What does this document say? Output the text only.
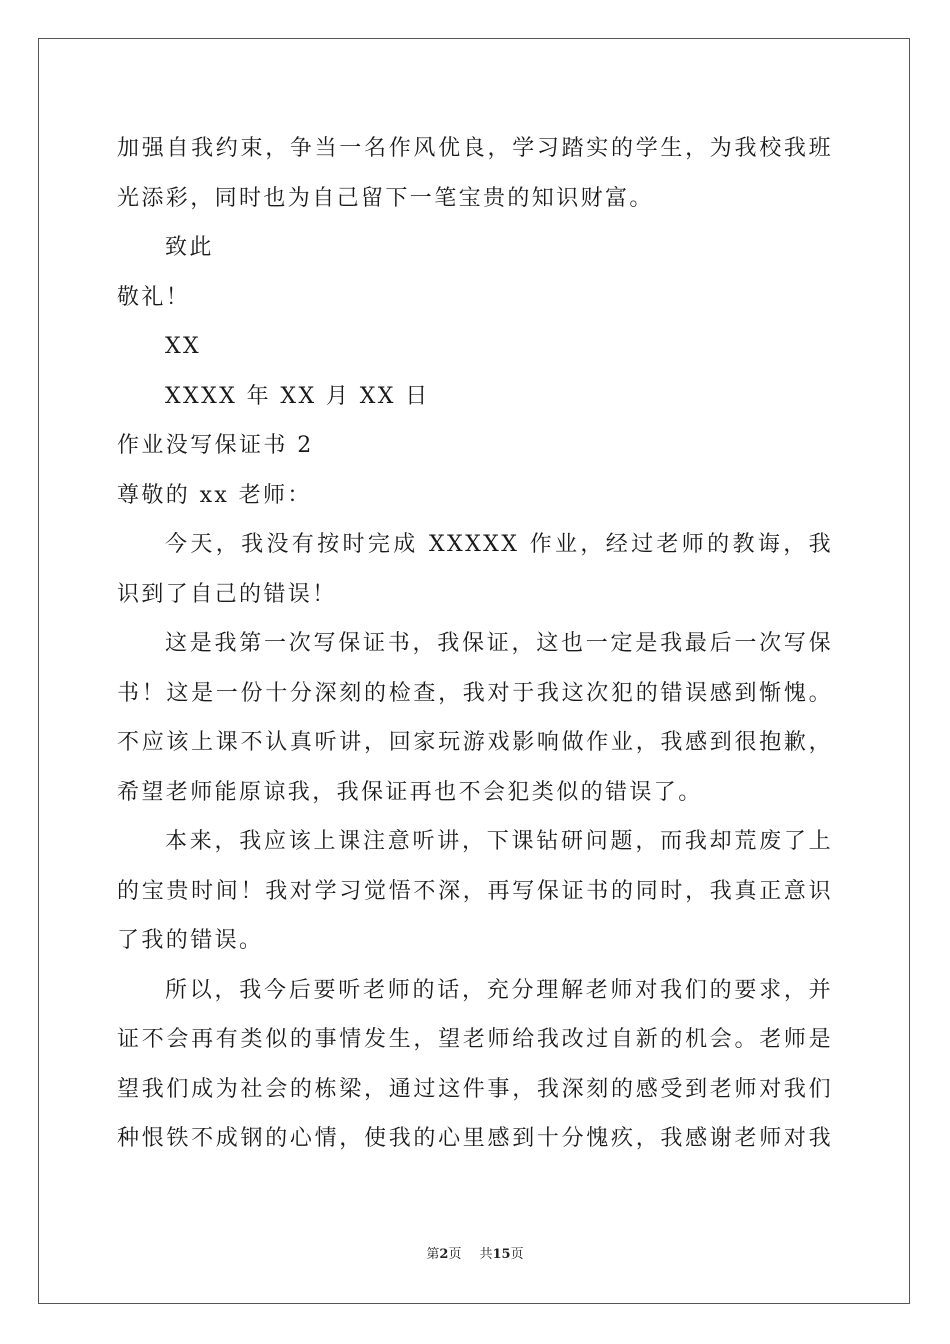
加强自我约束，争当一名作风优良，学习踏实的学生，为我校我班
光添彩，同时也为自己留下一笔宝贵的知识财富。
致此
敬礼！
XX
XXXX 年 XX 月 XX 日
作业没写保证书 2
尊敬的 xx 老师：
今天，我没有按时完成 XXXXX 作业，经过老师的教诲，我
识到了自己的错误！
这是我第一次写保证书，我保证，这也一定是我最后一次写保
书！这是一份十分深刻的检查，我对于我这次犯的错误感到惭愧。
不应该上课不认真听讲，回家玩游戏影响做作业，我感到很抱歉，
希望老师能原谅我，我保证再也不会犯类似的错误了。
本来，我应该上课注意听讲，下课钻研问题，而我却荒废了上
的宝贵时间！我对学习觉悟不深，再写保证书的同时，我真正意识
了我的错误。
所以，我今后要听老师的话，充分理解老师对我们的要求，并
证不会再有类似的事情发生，望老师给我改过自新的机会。老师是
望我们成为社会的栋梁，通过这件事，我深刻的感受到老师对我们
种恨铁不成钢的心情，使我的心里感到十分愧疚，我感谢老师对我
第2页 共15页
